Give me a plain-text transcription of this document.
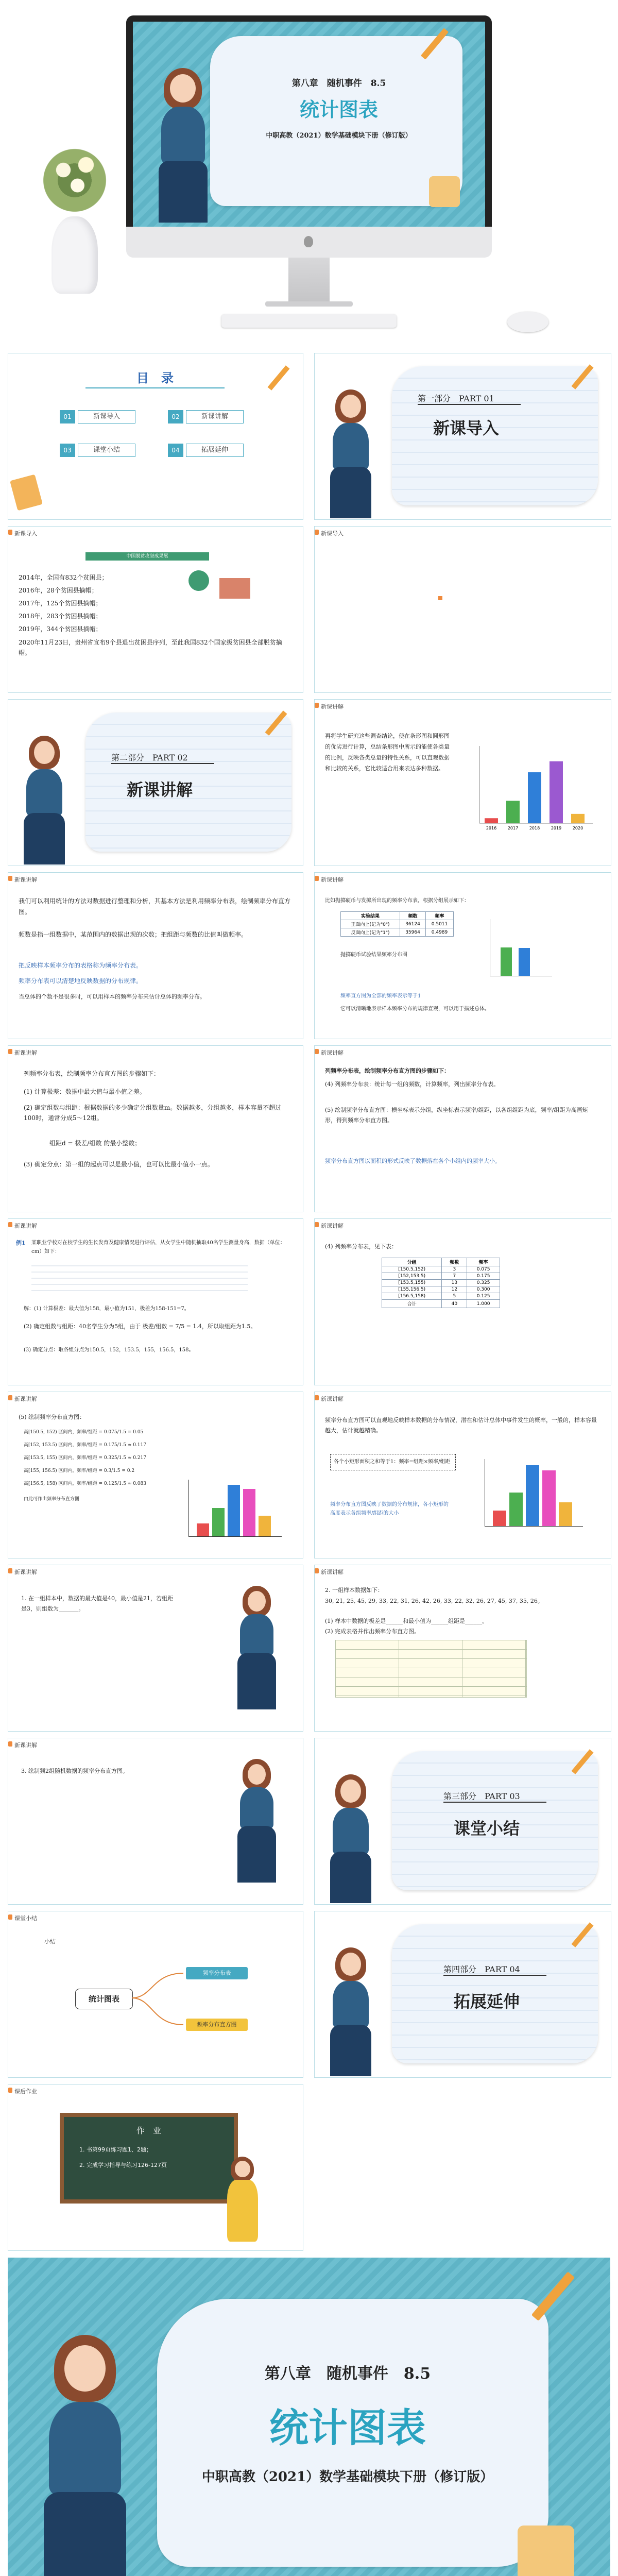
第八章　随机事件　8.5
统计图表
中职高教（2021）数学基础模块下册（修订版）
目　录
01	新课导入	02	新课讲解
03	课堂小结	04	拓展延伸
第一部分　PART 01
新课导入
新课导入
中国脱贫攻坚成果展
2014年，全国有832个贫困县；
2016年，28个贫困县摘帽；
2017年，125个贫困县摘帽；
2018年，283个贫困县摘帽；
2019年，344个贫困县摘帽；
2020年11月23日，贵州省宣布9个县退出贫困县序列，至此我国832个国家级贫困县全部脱贫摘帽。
新课导入
第二部分　PART 02
新课讲解
新课讲解
再将学生研究这些调查结论，使在条形图和圆形图的优劣进行计算，总结条形图中所示的能使各类量的比例，反映各类总量的特性关系，可以直观数据和比较的关系，它比较适合用来表达多种数据。
2016	2017	2018	2019	2020
新课讲解
我们可以利用统计的方法对数据进行整理和分析，其基本方法是利用频率分布表，绘制频率分布直方图。
频数是指一组数据中，某范围内的数据出现的次数；把组距与频数的比值叫做频率。
把反映样本频率分布的表格称为频率分布表。
频率分布表可以清楚地反映数据的分布规律。
当总体的个数不是很多时，可以用样本的频率分布来估计总体的频率分布。
新课讲解
比如抛掷硬币与发掷所出现的频率分布表，根据分组展示如下：
实验结果	频数	频率
正面向上(记为"0")	36124	0.5011
反面向上(记为"1")	35964	0.4989
抛掷硬币试验结果频率分布图
频率直方图为全部的频率表示等于1
它可以清晰地表示样本频率分布的规律直观，可以用于描述总体。
新课讲解
列频率分布表，绘制频率分布直方图的步骤如下：
(1) 计算极差：数据中最大值与最小值之差。
(2) 确定组数与组距：根据数据的多少确定分组数量m。数据越多，分组越多，样本容量不超过100时，通常分成5～12组。
组距d = 极差/组数 的最小整数；
(3) 确定分点：第一组的起点可以是最小值，也可以比最小值小一点。
新课讲解
列频率分布表，绘制频率分布直方图的步骤如下：
(4) 列频率分布表：统计每一组的频数，计算频率，列出频率分布表。
(5) 绘制频率分布直方图：横坐标表示分组，纵坐标表示频率/组距，以各组组距为底，频率/组距为高画矩形，得到频率分布直方图。
频率分布直方图以面积的形式反映了数据落在各个小组内的频率大小。
新课讲解
例1 某职业学校对在校学生的生长发育及健康情况进行评估，从女学生中随机抽取40名学生测量身高，数据（单位：cm）如下：
解：(1) 计算极差：最大值为158，最小值为151，极差为158-151=7。
(2) 确定组数与组距：40名学生分为5组，由于 极差/组数 = 7/5 = 1.4，所以取组距为1.5。
(3) 确定分点：取各组分点为150.5，152，153.5，155，156.5，158。
新课讲解
(4) 列频率分布表，见下表：
分组	频数	频率
[150.5,152)	3	0.075
[152,153.5)	7	0.175
[153.5,155)	13	0.325
[155,156.5)	12	0.300
[156.5,158)	5	0.125
合计	40	1.000
新课讲解
(5) 绘制频率分布直方图：
高[150.5, 152) 区间内，频率/组距 = 0.075/1.5 = 0.05
高[152, 153.5) 区间内，频率/组距 = 0.175/1.5 ≈ 0.117
高[153.5, 155) 区间内，频率/组距 = 0.325/1.5 ≈ 0.217
高[155, 156.5) 区间内，频率/组距 = 0.3/1.5 = 0.2
高[156.5, 158) 区间内，频率/组距 = 0.125/1.5 ≈ 0.083
由此可作出频率分布直方图
新课讲解
频率分布直方图可以直观地反映样本数据的分布情况，潜在和估计总体中事件发生的概率，一般的，样本容量越大，估计就越精确。
各个小矩形面积之和等于1：频率=组距×频率/组距
频率分布直方图反映了数据的分布规律，各小矩形的高度表示各组频率/组距的大小
新课讲解
1. 在一组样本中，数据的最大值是40，最小值是21，若组距是3，则组数为_______。
新课讲解
2. 一组样本数据如下：
30, 21, 25, 45, 29, 33, 22, 31, 26, 42, 26, 33, 22, 32, 26, 27, 45, 37, 35, 26。
(1) 样本中数据的极差是______和最小值为______组距是______。
(2) 完成表格并作出频率分布直方图。
新课讲解
3. 绘制频2组随机数据的频率分布直方图。
第三部分　PART 03
课堂小结
课堂小结
小结
统计图表
频率分布表
频率分布直方图
第四部分　PART 04
拓展延伸
课后作业
作　业
1. 书第99页练习题1、2题；
2. 完成学习指导与练习126-127页
第八章　随机事件　8.5
统计图表
中职高教（2021）数学基础模块下册（修订版）
